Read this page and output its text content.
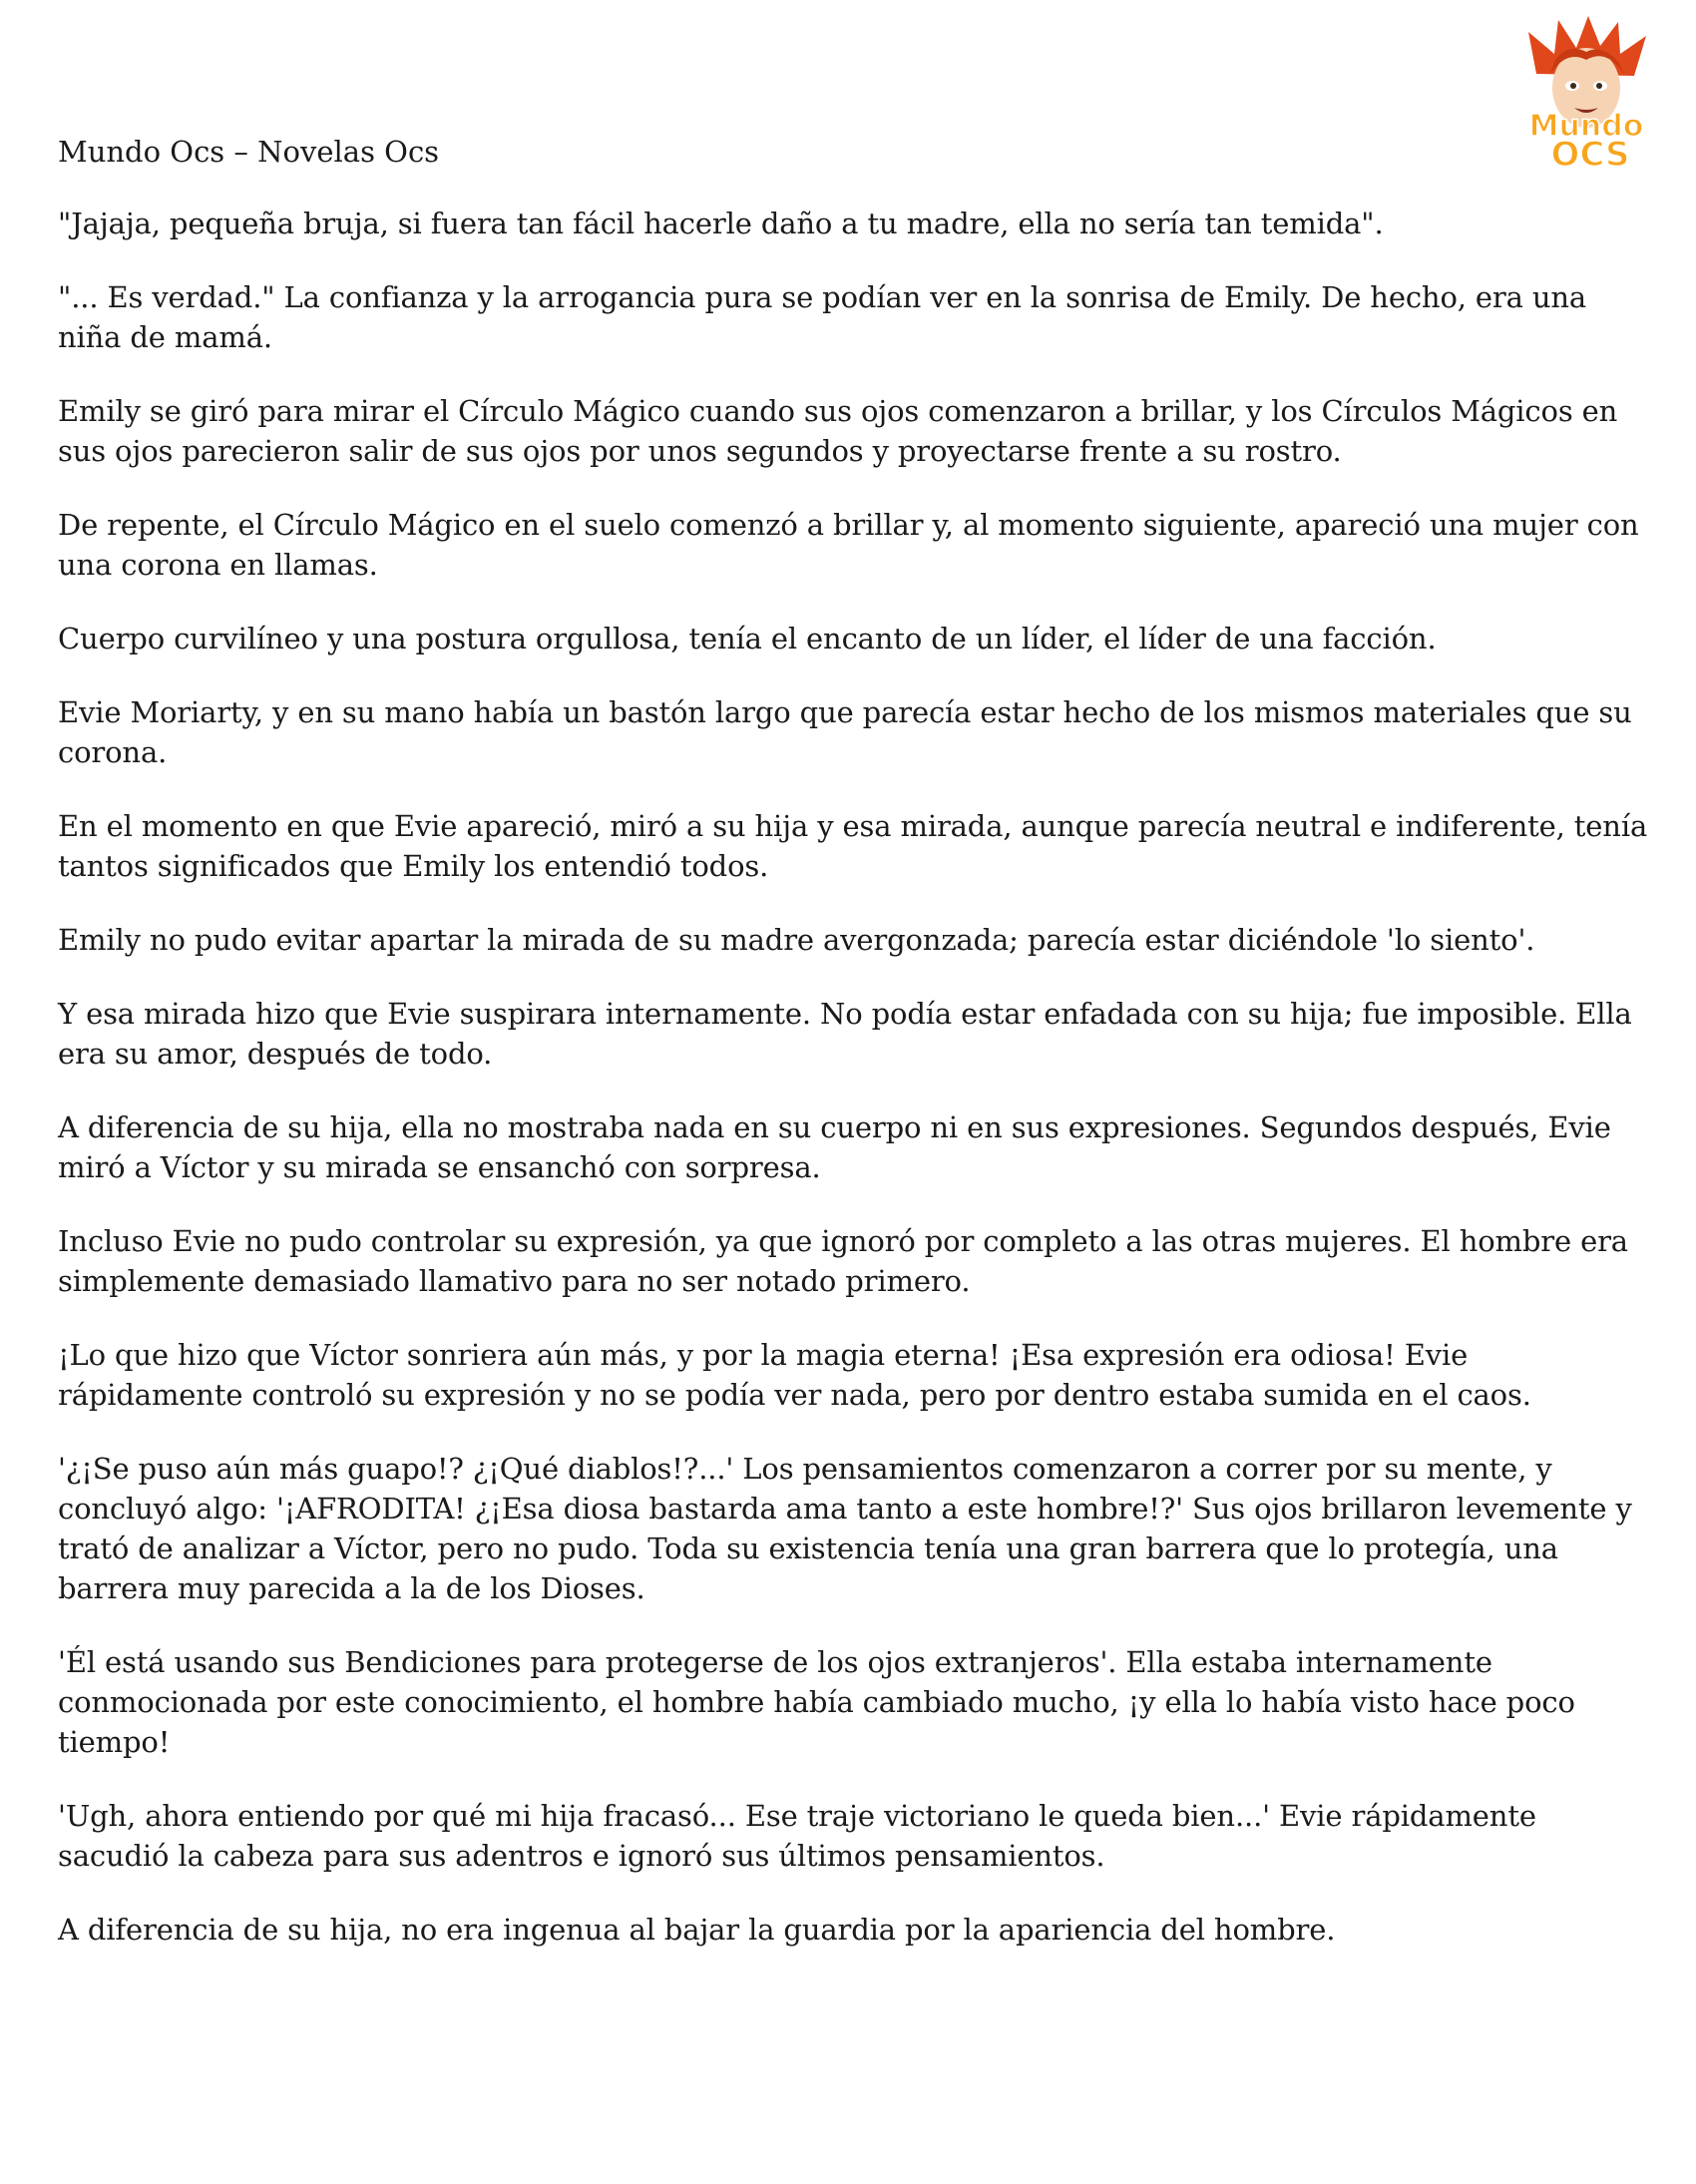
Mundo
OCS
Mundo Ocs – Novelas Ocs

"Jajaja, pequeña bruja, si fuera tan fácil hacerle daño a tu madre, ella no sería tan temida".

"... Es verdad." La confianza y la arrogancia pura se podían ver en la sonrisa de Emily. De hecho, era una niña de mamá.

Emily se giró para mirar el Círculo Mágico cuando sus ojos comenzaron a brillar, y los Círculos Mágicos en sus ojos parecieron salir de sus ojos por unos segundos y proyectarse frente a su rostro.

De repente, el Círculo Mágico en el suelo comenzó a brillar y, al momento siguiente, apareció una mujer con una corona en llamas.

Cuerpo curvilíneo y una postura orgullosa, tenía el encanto de un líder, el líder de una facción.

Evie Moriarty, y en su mano había un bastón largo que parecía estar hecho de los mismos materiales que su corona.

En el momento en que Evie apareció, miró a su hija y esa mirada, aunque parecía neutral e indiferente, tenía tantos significados que Emily los entendió todos.

Emily no pudo evitar apartar la mirada de su madre avergonzada; parecía estar diciéndole 'lo siento'.

Y esa mirada hizo que Evie suspirara internamente. No podía estar enfadada con su hija; fue imposible. Ella era su amor, después de todo.

A diferencia de su hija, ella no mostraba nada en su cuerpo ni en sus expresiones. Segundos después, Evie miró a Víctor y su mirada se ensanchó con sorpresa.

Incluso Evie no pudo controlar su expresión, ya que ignoró por completo a las otras mujeres. El hombre era simplemente demasiado llamativo para no ser notado primero.

¡Lo que hizo que Víctor sonriera aún más, y por la magia eterna! ¡Esa expresión era odiosa! Evie rápidamente controló su expresión y no se podía ver nada, pero por dentro estaba sumida en el caos.

'¿¡Se puso aún más guapo!? ¿¡Qué diablos!?...' Los pensamientos comenzaron a correr por su mente, y concluyó algo: '¡AFRODITA! ¿¡Esa diosa bastarda ama tanto a este hombre!?' Sus ojos brillaron levemente y trató de analizar a Víctor, pero no pudo. Toda su existencia tenía una gran barrera que lo protegía, una barrera muy parecida a la de los Dioses.

'Él está usando sus Bendiciones para protegerse de los ojos extranjeros'. Ella estaba internamente conmocionada por este conocimiento, el hombre había cambiado mucho, ¡y ella lo había visto hace poco tiempo!

'Ugh, ahora entiendo por qué mi hija fracasó... Ese traje victoriano le queda bien...' Evie rápidamente sacudió la cabeza para sus adentros e ignoró sus últimos pensamientos.

A diferencia de su hija, no era ingenua al bajar la guardia por la apariencia del hombre.
